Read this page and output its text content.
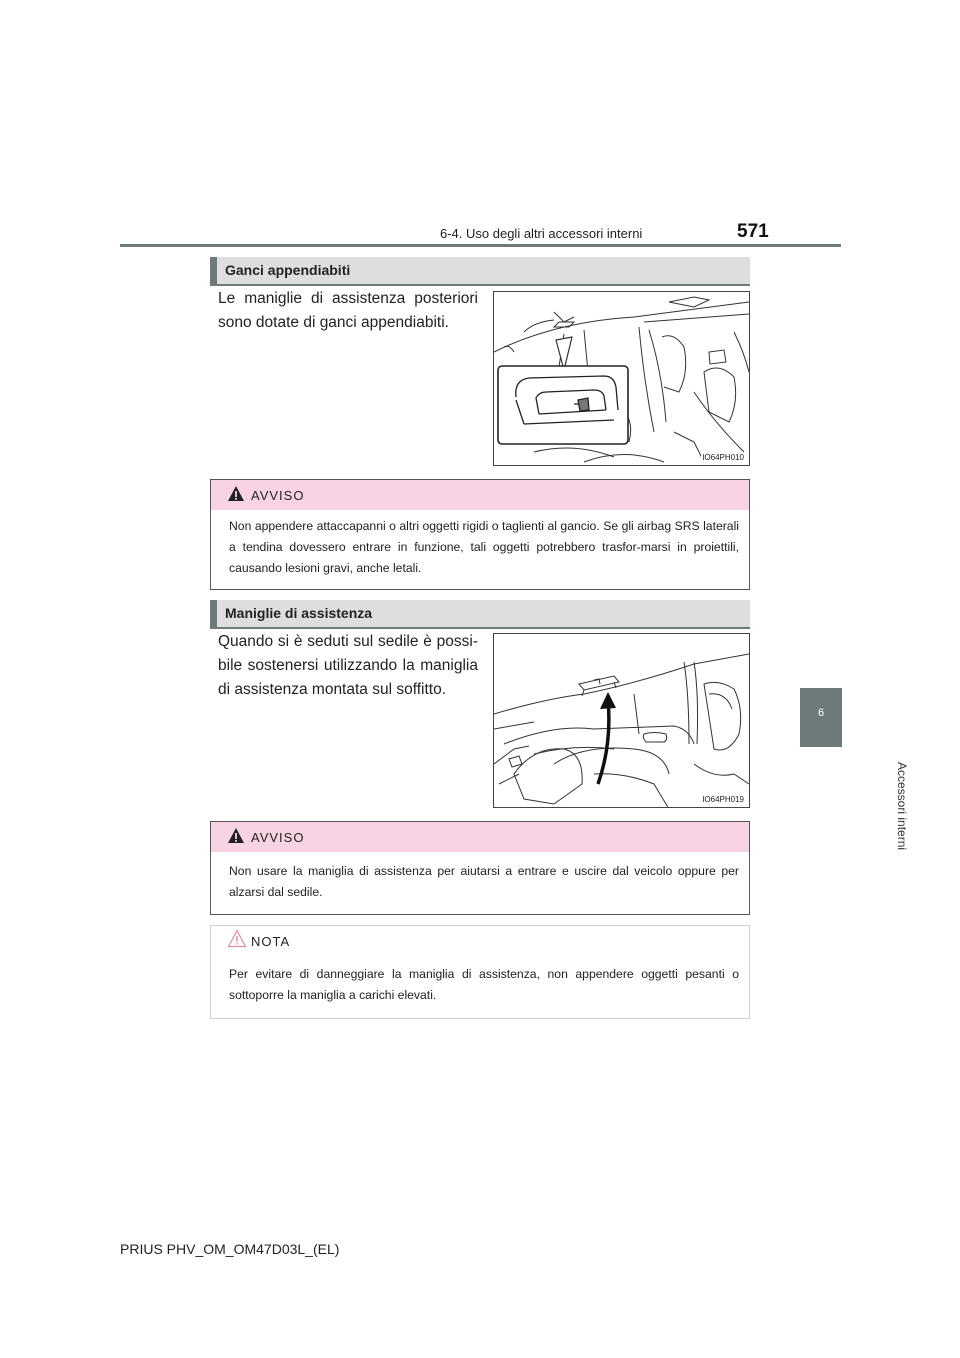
6-4. Uso degli altri accessori interni	571
6
Accessori interni
Ganci appendiabiti
Le maniglie di assistenza posteriori sono dotate di ganci appendiabiti.
IO64PH010
AVVISO
Non appendere attaccapanni o altri oggetti rigidi o taglienti al gancio. Se gli airbag SRS laterali a tendina dovessero entrare in funzione, tali oggetti potrebbero trasfor-marsi in proiettili, causando lesioni gravi, anche letali.
Maniglie di assistenza
Quando si è seduti sul sedile è possi-bile sostenersi utilizzando la maniglia di assistenza montata sul soffitto.
IO64PH019
AVVISO
Non usare la maniglia di assistenza per aiutarsi a entrare e uscire dal veicolo oppure per alzarsi dal sedile.
NOTA
Per evitare di danneggiare la maniglia di assistenza, non appendere oggetti pesanti o sottoporre la maniglia a carichi elevati.
PRIUS PHV_OM_OM47D03L_(EL)
